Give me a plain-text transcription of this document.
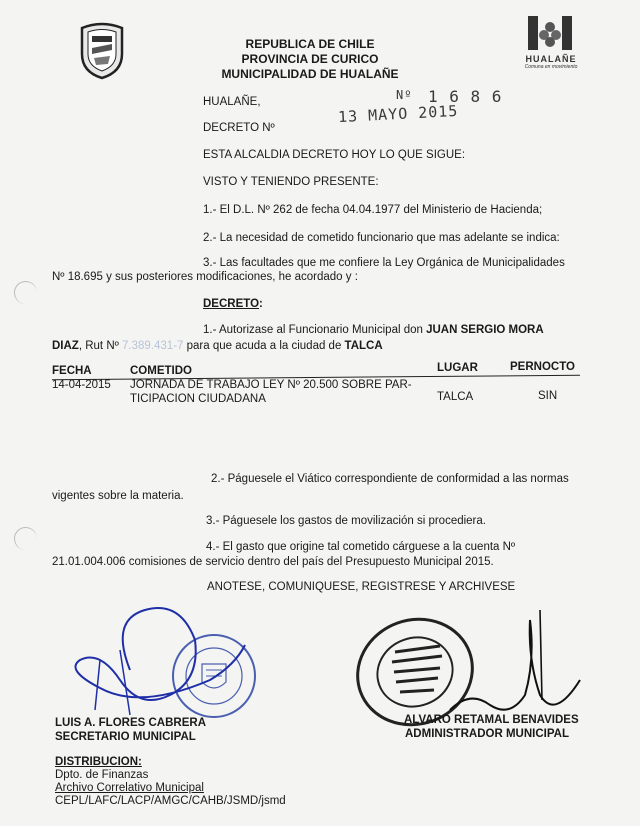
REPUBLICA DE CHILE
PROVINCIA DE CURICO
MUNICIPALIDAD DE HUALAÑE
HUALAÑE
Comuna en movimiento
HUALAÑE,	Nº 1 6 8 6
DECRETO Nº
13 MAYO 2015
ESTA ALCALDIA DECRETO HOY LO QUE SIGUE:
VISTO Y TENIENDO PRESENTE:
1.- El D.L. Nº 262 de fecha 04.04.1977 del Ministerio de Hacienda;
2.- La necesidad de cometido funcionario que mas adelante se indica:
3.- Las facultades que me confiere la Ley Orgánica de Municipalidades
Nº 18.695 y sus posteriores modificaciones, he acordado y :
DECRETO:
1.- Autorizase al Funcionario Municipal don JUAN SERGIO MORA
DIAZ, Rut Nº 7.389.431-7 para que acuda a la ciudad de TALCA
FECHA	COMETIDO	LUGAR	PERNOCTO
14-04-2015 JORNADA DE TRABAJO LEY Nº 20.500 SOBRE PAR-
TICIPACION CIUDADANA	TALCA	SIN
2.- Páguesele el Viático correspondiente de conformidad a las normas
vigentes sobre la materia.
3.- Páguesele los gastos de movilización si procediera.
4.- El gasto que origine tal cometido cárguese a la cuenta Nº
21.01.004.006 comisiones de servicio dentro del país del Presupuesto Municipal 2015.
ANOTESE, COMUNIQUESE, REGISTRESE Y ARCHIVESE
LUIS A. FLORES CABRERA
SECRETARIO MUNICIPAL
ALVARO RETAMAL BENAVIDES
ADMINISTRADOR MUNICIPAL
DISTRIBUCION:
Dpto. de Finanzas
Archivo Correlativo Municipal
CEPL/LAFC/LACP/AMGC/CAHB/JSMD/jsmd
